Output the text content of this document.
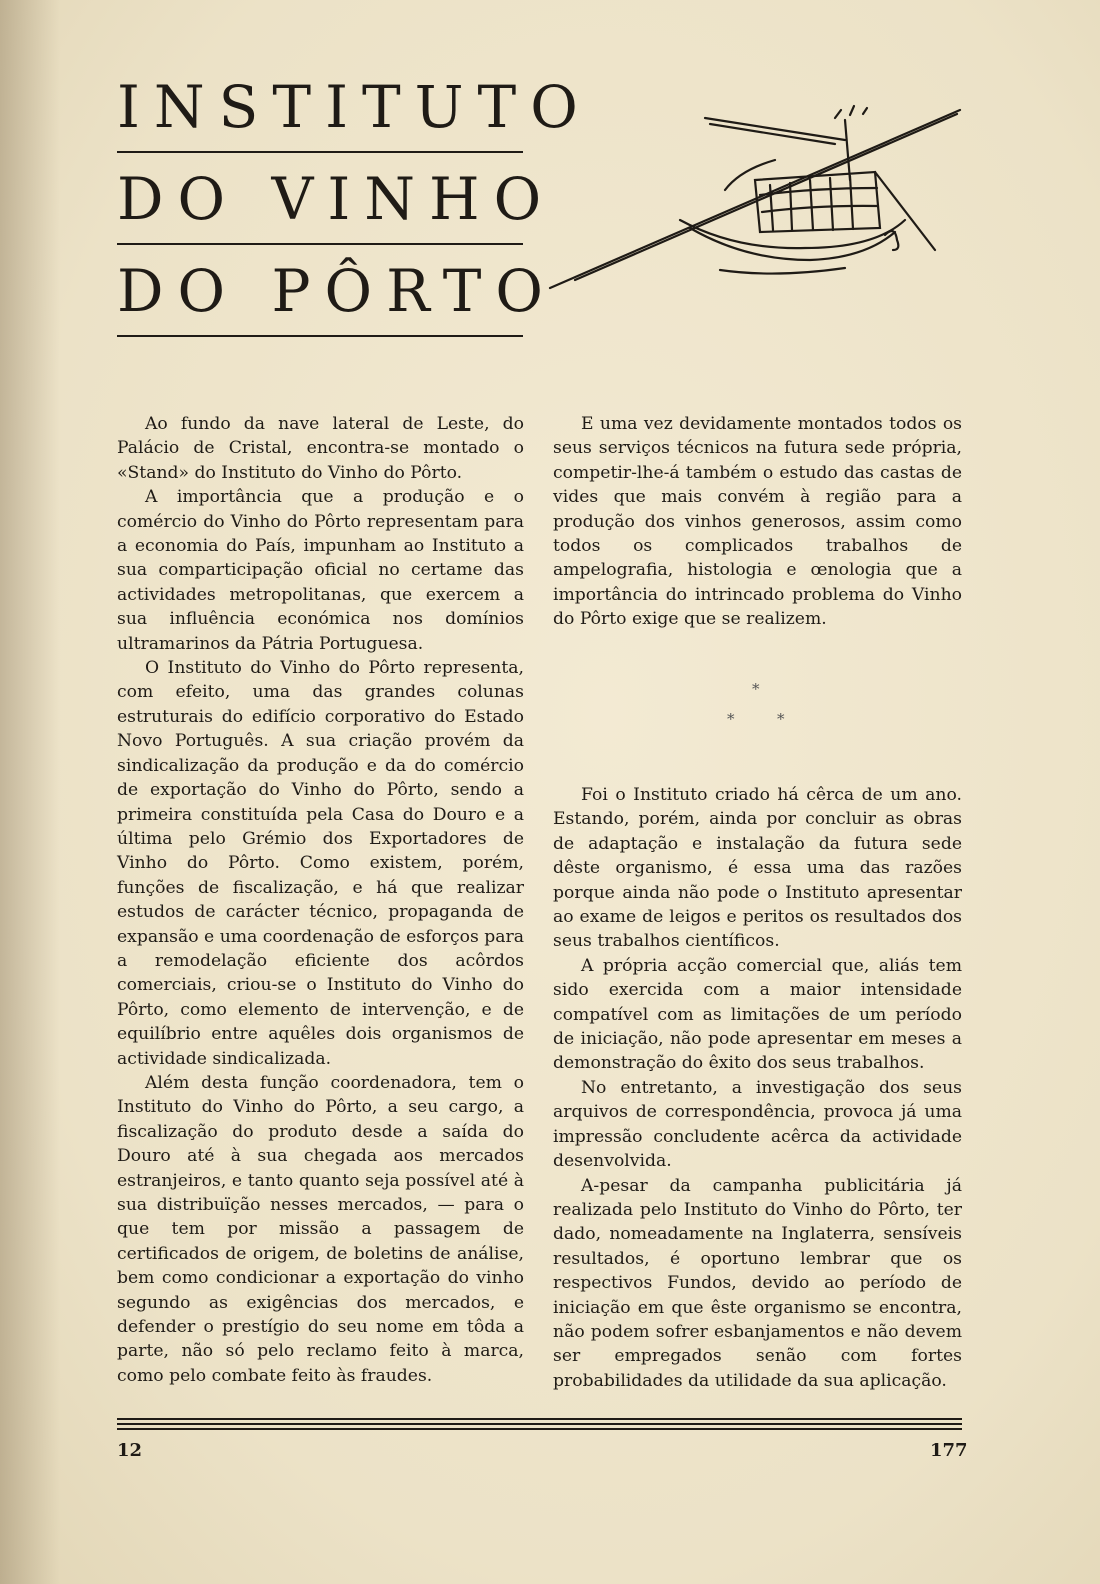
INSTITUTO
DO VINHO
DO PÔRTO

Ao fundo da nave lateral de Leste, do Palácio de Cristal, encontra-se montado o «Stand» do Instituto do Vinho do Pôrto.

A importância que a produção e o comércio do Vinho do Pôrto representam para a economia do País, impunham ao Instituto a sua comparticipação oficial no certame das actividades metropolitanas, que exercem a sua influência económica nos domínios ultramarinos da Pátria Portuguesa.

O Instituto do Vinho do Pôrto representa, com efeito, uma das grandes colunas estruturais do edifício corporativo do Estado Novo Português. A sua criação provém da sindicalização da produção e da do comércio de exportação do Vinho do Pôrto, sendo a primeira constituída pela Casa do Douro e a última pelo Grémio dos Exportadores de Vinho do Pôrto. Como existem, porém, funções de fiscalização, e há que realizar estudos de carácter técnico, propaganda de expansão e uma coordenação de esforços para a remodelação eficiente dos acôrdos comerciais, criou-se o Instituto do Vinho do Pôrto, como elemento de intervenção, e de equilíbrio entre aquêles dois organismos de actividade sindicalizada.

Além desta função coordenadora, tem o Instituto do Vinho do Pôrto, a seu cargo, a fiscalização do produto desde a saída do Douro até à sua chegada aos mercados estranjeiros, e tanto quanto seja possível até à sua distribuïção nesses mercados, — para o que tem por missão a passagem de certificados de origem, de boletins de análise, bem como condicionar a exportação do vinho segundo as exigências dos mercados, e defender o prestígio do seu nome em tôda a parte, não só pelo reclamo feito à marca, como pelo combate feito às fraudes.

E uma vez devidamente montados todos os seus serviços técnicos na futura sede própria, competir-lhe-á também o estudo das castas de vides que mais convém à região para a produção dos vinhos generosos, assim como todos os complicados trabalhos de ampelografia, histologia e œnologia que a importância do intrincado problema do Vinho do Pôrto exige que se realizem.

*
*	*

Foi o Instituto criado há cêrca de um ano. Estando, porém, ainda por concluir as obras de adaptação e instalação da futura sede dêste organismo, é essa uma das razões porque ainda não pode o Instituto apresentar ao exame de leigos e peritos os resultados dos seus trabalhos científicos.

A própria acção comercial que, aliás tem sido exercida com a maior intensidade compatível com as limitações de um período de iniciação, não pode apresentar em meses a demonstração do êxito dos seus trabalhos.

No entretanto, a investigação dos seus arquivos de correspondência, provoca já uma impressão concludente acêrca da actividade desenvolvida.

A-pesar da campanha publicitária já realizada pelo Instituto do Vinho do Pôrto, ter dado, nomeadamente na Inglaterra, sensíveis resultados, é oportuno lembrar que os respectivos Fundos, devido ao período de iniciação em que êste organismo se encontra, não podem sofrer esbanjamentos e não devem ser empregados senão com fortes probabilidades da utilidade da sua aplicação.

12	177
